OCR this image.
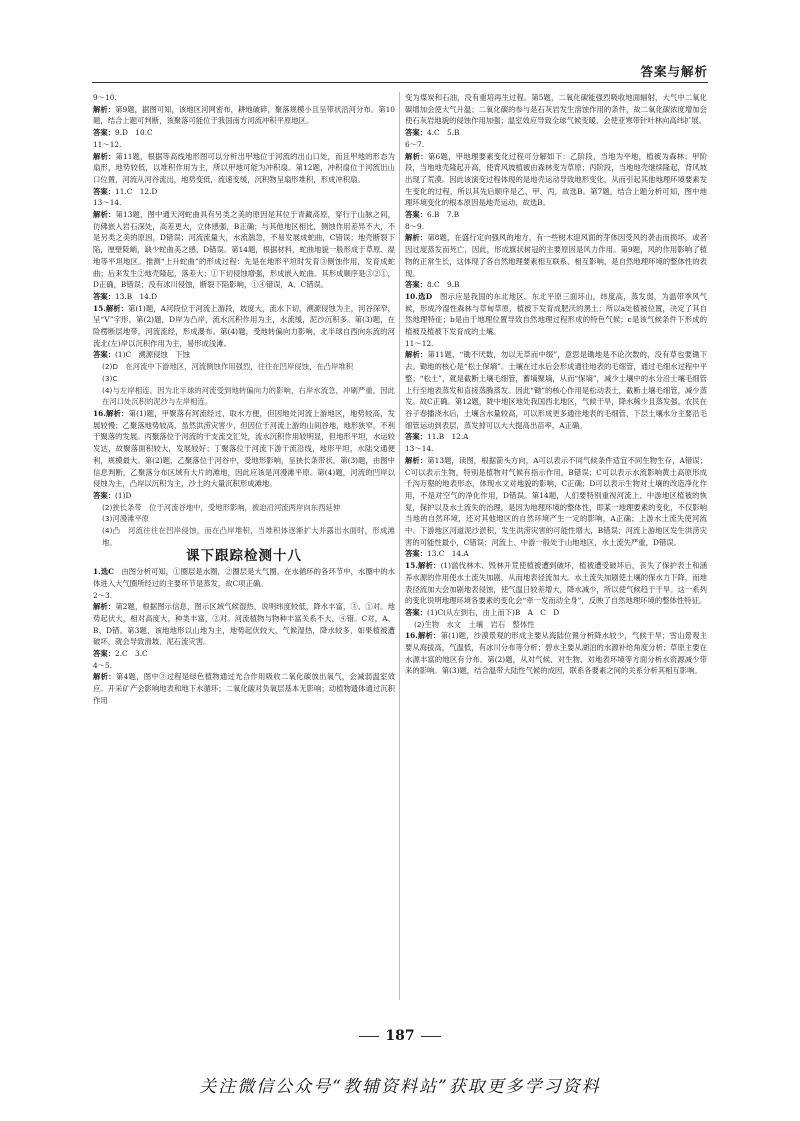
答案与解析

9～10.

解析：第9题，据图可知，该地区河网密布，耕地破碎，聚落规模小且呈带状沿河分布。第10题，结合上题可判断，该聚落可能位于我国南方河流冲积平原地区。

答案：9.D　10.C

11～12.

解析：第11题，根据等高线地形图可以分析出甲地位于河流的出山口处，而且甲地的形态为扇形，地势较低，以堆积作用为主，所以甲地可能为冲积扇。第12题，冲积扇位于河流出山口位置，河流从河谷流出，地势变低，流速变缓，沉积物呈扇形堆积，形成冲积扇。

答案：11.C　12.D

13～14.

解析：第13题，图中通天河蛇曲具有另类之美的原因是其位于青藏高原，穿行于山脉之间，仿佛嵌入岩石深处，高差更大，立体感强，B正确；与其他地区相比，侧蚀作用差异不大，不是另类之美的原因，D错误；河流流量大，水流湍急，不易发展成蛇曲，C错误；地壳断裂下陷，厘壁陡峭，缺少蛇曲美之感，D错误。第14题，根据材料，蛇曲地貌一般形成于草原、湿地等平坦地区。推测“上升蛇曲”的形成过程：先是在地形平坦时发育③侧蚀作用，发育成蛇曲；后来发生②地壳隆起，落差大；①下切侵蚀增强，形成嵌入蛇曲。其形成顺序是③②①，D正确，B错误；没有冰川侵蚀，断裂下陷影响，①④错误，A、C错误。

答案：13.B　14.D

15.解析：第(1)题，A河段位于河流上游段，坡度大，流水下切，溯源侵蚀为主，河谷深窄，呈“V”字形。第(2)题，D岸为凸岸，流水沉积作用为主，水流缓，泥沙沉积多。第(3)题，在险楞断层地带，河流流经，形成瀑布。第(4)题，受地转偏向力影响，北半球自西向东流的河流北(左)岸以沉积作用为主，易形成浅滩。

答案：(1)C　溯源侵蚀　下蚀

(2)D　在河流中下游地区，河流侧蚀作用强烈，往往在凹岸侵蚀，在凸岸堆积

(3)C

(4)与左岸相连。因为北半球的河流受到地转偏向力的影响，右岸水流急，冲刷严重，因此在河口处沉积的泥沙与左岸相连。

16.解析：第(1)题，甲聚落有河流经过，取水方便，但因地处河流上游地区，地势较高，发展较慢；乙聚落地势较高，虽然洪涝灾害少，但因位于河流上游的山间谷地，地形狭窄，不利于聚落的发展。丙聚落位于河流的干支流交汇处，流水沉积作用较明显，但地形平坦，水运较发达，故聚落面积较大，发展较好；丁聚落位于河流下游干流沿线，地形平坦，水陆交通便利，规模最大。第(2)题，乙聚落位于河谷中，受地形影响，呈狭长条带状。第(3)题，由图中信息判断，乙聚落分布区域有大片的滩地，因此应该是河漫滩平原。第(4)题，河流的凹岸以侵蚀为主，凸岸以沉积为主，沙土的大量沉积形成滩地。

答案：(1)D

(2)狭长条带　位于河流谷地中，受地形影响，被迫沿河流两岸向东西延伸

(3)河漫滩平原

(4)凸　河流往往在凹岸侵蚀，而在凸岸堆积，当堆积体逐渐扩大并露出水面时，形成滩地。

课下跟踪检测十八

1.选C　由图分析可知，①圈层是水圈，②圈层是大气圈。在水循环的各环节中，水圈中的水体进入大气圈所经过的主要环节是蒸发，故C项正确。

2～3.

解析：第2题，根据图示信息，图示区域气候湿热，说明纬度较低，降水丰富，③、①对。地势起伏大，相对高度大，种类丰富，②对。河流植物与物种丰富关系不大，④错。C对，A、B、D错。第3题，该地地形以山地为主，地势起伏较大，气候湿热，降水较多，如果植被遭破坏，就会导致滑坡、泥石流灾害。

答案：2.C　3.C

4～5.

解析：第4题，图中③过程是绿色植物通过光合作用吸收二氧化碳放出氧气，会减弱温室效应。开采矿产会影响地表和地下水循环；二氧化碳对负氧层基本无影响；动植物遗体通过沉积作用

变为煤炭和石油，没有重培再生过程。第5题，二氧化碳能强烈吸收地面辐射，大气中二氧化碳增加会使大气升温；二氧化碳的参与是石灰岩发生溶蚀作用的条件，故二氧化碳浓度增加会使石灰岩地貌的侵蚀作用加强；温室效应导致全球气候变暖，会使亚寒带针叶林向高纬扩展。

答案：4.C　5.B

6～7.

解析：第6题，甲地理要素变化过程可分解如下：乙阶段，当地为平地，植被为森林；甲阶段，当地地壳隆起升高，使背风坡植被由森林变为草原；丙阶段，当地地壳继续隆起，背风坡出现了荒漠。因此该演变过程体现的是地壳运动导致地形变化，从而引起其他地理环境要素发生变化的过程，所以其先后顺序是乙、甲、丙，故选B。第7题，结合上题分析可知，图中地理环境变化的根本原因是地壳运动，故选B。

答案：6.B　7.B

8～9.

解析：第8题，在盛行定向强风的地方，有一些树木迎风面的芽体因受风的袭击而损坏，或者因过度蒸发而死亡，因此，形成旗状树冠的主要原因是风力作用。第9题，风的作用影响了植物的正常生长，这体现了各自然地理要素相互联系、相互影响，是自然地理环境的整体性的表现。

答案：8.C　9.B

10.选D　图示应是我国的东北地区。东北平原三面环山，纬度高，蒸发弱，为温带季风气候，形成冷湿性森林与草甸草原，植被下发育成肥沃的黑土；所以a处植被位置，决定了其自然地理特征；b是由于地理位置导致自然地理过程形成的特色气候；c是该气候条件下形成的植被及植被下发育成的土壤。

11～12.

解析：第11题，“锄不厌数，勿以无草而中缀”，意思是锄地是不论次数的，没有草也要锄下去。锄地的核心是“松土保墒”。土壤在过水后会形成通往地表的毛细管，通过毛细水过程中平整；“松土”，就是截断土壤毛细管，蓄墒聚墒，从而“保墒”，减少土壤中的水分沿土壤毛细管上行至地表蒸发和直接蒸腾蒸发。因此“锄”的核心作用是松动表土，截断土壤毛细管，减少蒸发。故C正确。第12题，陇中地区地处我国西北地区，气候干旱，降水稀少且蒸发强。农民在谷子春播浇水后，土壤含水量较高，可以形成更多通往地表的毛细管，下层土壤水分主要沿毛细管运动到表层，蒸发掉可以大大提高出苗率，A正确。

答案：11.B　12.A

13～14.

解析：第13题，读图，根据箭头方向，A可以表示不同气候条件适宜不同生物生存，A错误；C可以表示生物，特别是植物对气候有指示作用，B错误；C可以表示水流影响黄土高原形成千沟万壑的地表形态，体现水文对地貌的影响，C正确；D可以表示生物对土壤的改造净化作用，不是对空气的净化作用，D错误。第14题，人们要特别重视河流上、中游地区植被的恢复，保护以及水土流失的治理，是因为地理环境的整体性，即某一地理要素的变化，不仅影响当地的自然环境，还对其他地区的自然环境产生一定的影响，A正确；上游水土流失使河流中、下游地区河道泥沙淤积，发生洪涝灾害的可能性增大，B错误；河流上游地区发生洪涝灾害的可能性最小，C错误；河流上、中游一般处于山地地区，水土流失严重，D错误。

答案：13.C　14.A

15.解析：(1)滥伐林木、毁林开荒使植被遭到破坏，植被遭受破坏后，丧失了保护表土和涵养水源的作用使水土流失加剧，从而地表径流加大。水土流失加剧使土壤的保水力下降，而地表径流加大会加剧地表侵蚀，使气温日较差增大，降水减少，所以使气候趋于干旱。这一系列的变化说明地理环境各要素的变化会“牵一发而动全身”，反映了自然地理环境的整体性特征。

答案：(1)C(从左到右，由上而下)B　A　C　D

(2)生物　水文　土壤　岩石　整体性

16.解析：第(1)题，沙漠景观的形成主要从海陆位置分析降水较少，气候干旱；雪山景观主要从海拔高，气温低，有冰川分布等分析；碧水主要从湖泊的水源补给角度分析；草原主要在水源丰富的地区有分布。第(2)题，从对气候、对生物、对地表环境等方面分析水资源减少带来的影响。第(3)题，结合温带大陆性气候的成因，联系各要素之间的关系分析其相互影响。

187
关注微信公众号“教辅资料站”获取更多学习资料
